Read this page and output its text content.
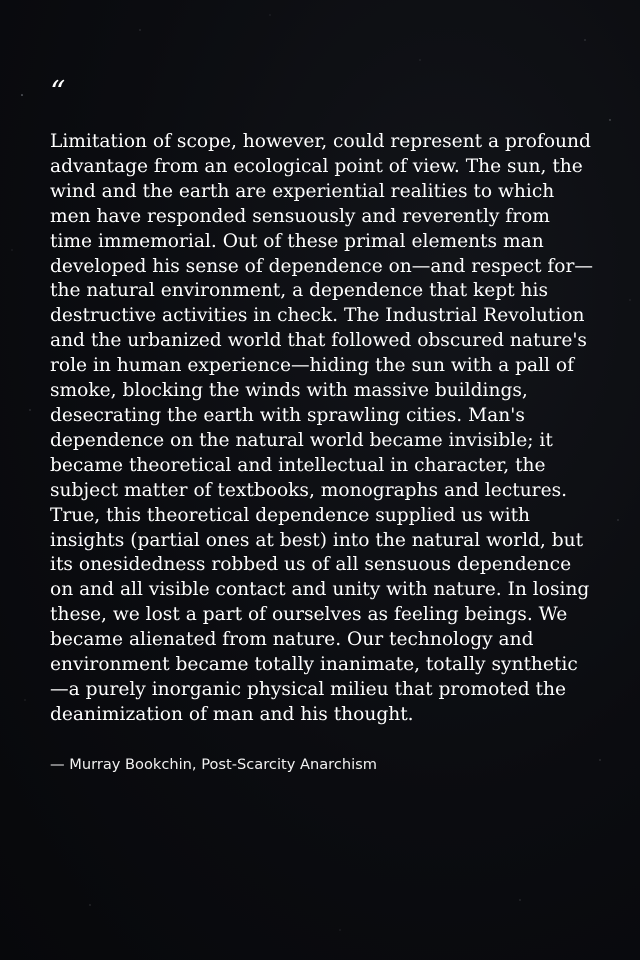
“
Limitation of scope, however, could represent a profound advantage from an ecological point of view. The sun, the wind and the earth are experiential realities to which men have responded sensuously and reverently from time immemorial. Out of these primal elements man developed his sense of dependence on—and respect for—the natural environment, a dependence that kept his destructive activities in check. The Industrial Revolution and the urbanized world that followed obscured nature's role in human experience—hiding the sun with a pall of smoke, blocking the winds with massive buildings, desecrating the earth with sprawling cities. Man's dependence on the natural world became invisible; it became theoretical and intellectual in character, the subject matter of textbooks, monographs and lectures. True, this theoretical dependence supplied us with insights (partial ones at best) into the natural world, but its onesidedness robbed us of all sensuous dependence on and all visible contact and unity with nature. In losing these, we lost a part of ourselves as feeling beings. We became alienated from nature. Our technology and environment became totally inanimate, totally synthetic—a purely inorganic physical milieu that promoted the deanimization of man and his thought.
— Murray Bookchin, Post-Scarcity Anarchism
